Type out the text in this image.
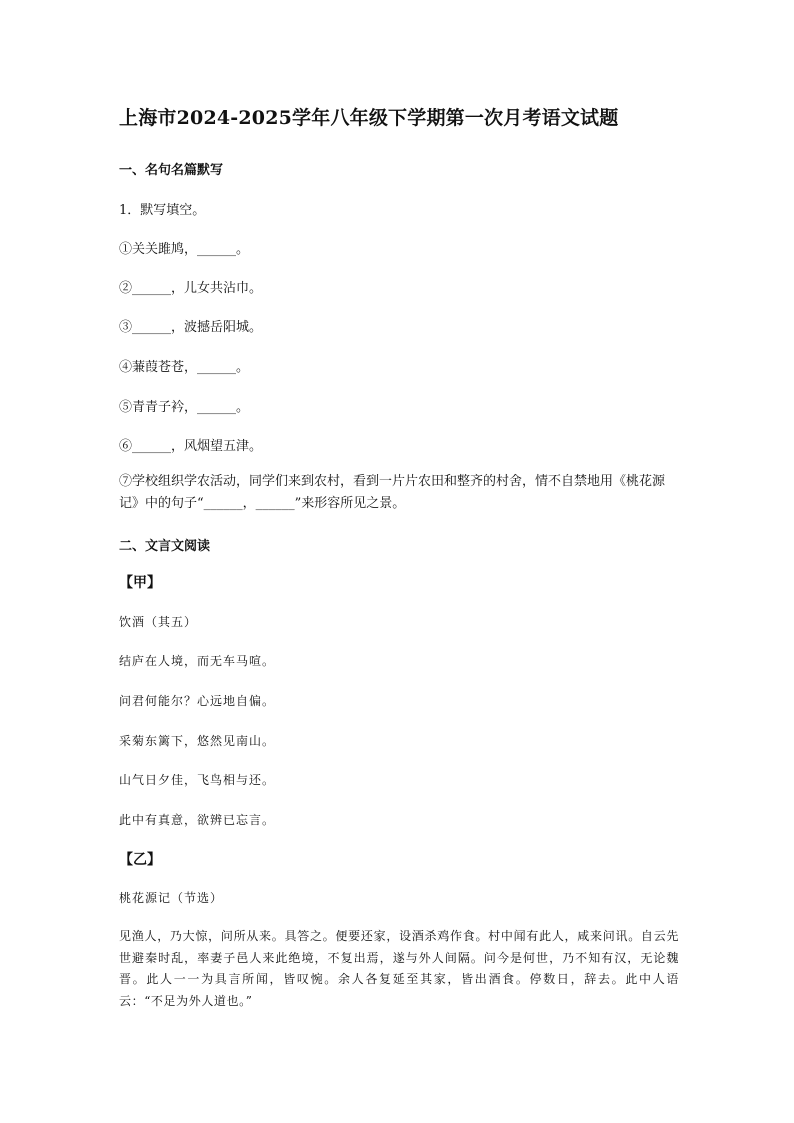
上海市2024-2025学年八年级下学期第一次月考语文试题
一、名句名篇默写
1．默写填空。
①关关雎鸠，______。
②______，儿女共沾巾。
③______，波撼岳阳城。
④蒹葭苍苍，______。
⑤青青子衿，______。
⑥______，风烟望五津。
⑦学校组织学农活动，同学们来到农村，看到一片片农田和整齐的村舍，情不自禁地用《桃花源记》中的句子“______，______”来形容所见之景。
二、文言文阅读
【甲】
饮酒（其五）
结庐在人境，而无车马喧。
问君何能尔？心远地自偏。
采菊东篱下，悠然见南山。
山气日夕佳，飞鸟相与还。
此中有真意，欲辨已忘言。
【乙】
桃花源记（节选）
见渔人，乃大惊，问所从来。具答之。便要还家，设酒杀鸡作食。村中闻有此人，咸来问讯。自云先世避秦时乱，率妻子邑人来此绝境，不复出焉，遂与外人间隔。问今是何世，乃不知有汉，无论魏晋。此人一一为具言所闻，皆叹惋。余人各复延至其家，皆出酒食。停数日，辞去。此中人语云：“不足为外人道也。”
